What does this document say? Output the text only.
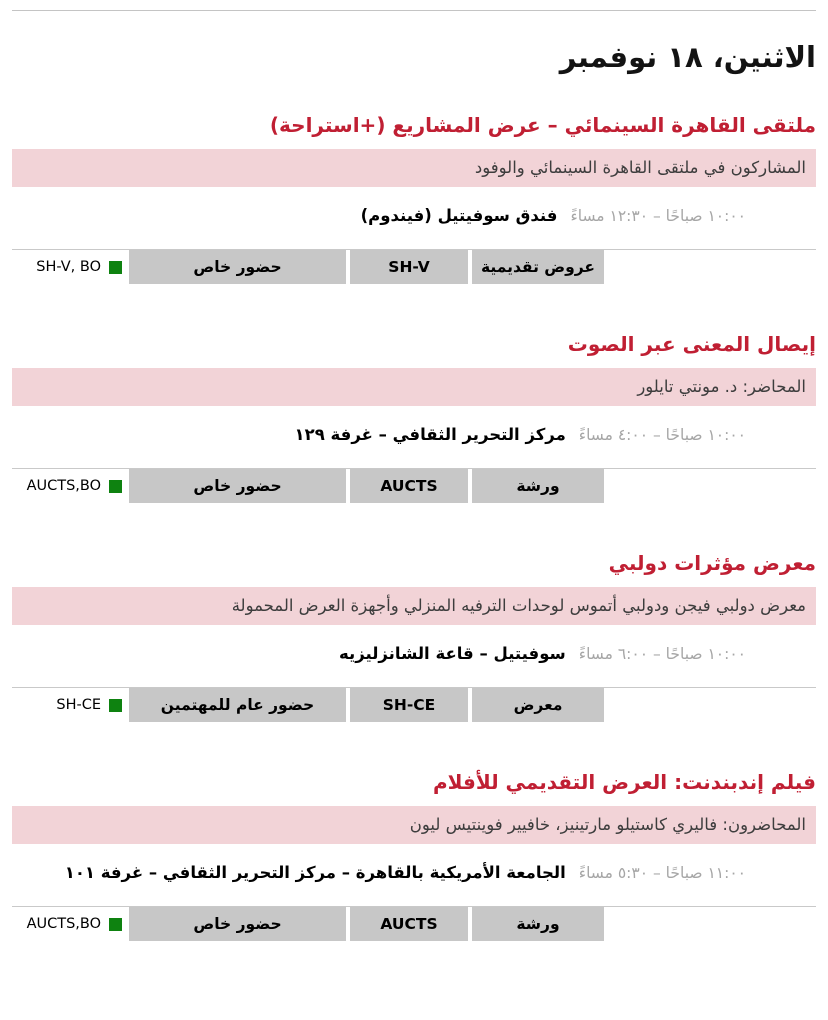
الاثنين، ١٨ نوفمبر
ملتقى القاهرة السينمائي – عرض المشاريع (+استراحة)
المشاركون في ملتقى القاهرة السينمائي والوفود
١٠:٠٠ صباحًا – ١٢:٣٠ مساءً
فندق سوفيتيل (فيندوم)
عروض تقديمية
SH-V
حضور خاص
SH-V, BO
إيصال المعنى عبر الصوت
المحاضر: د. مونتي تايلور
١٠:٠٠ صباحًا – ٤:٠٠ مساءً
مركز التحرير الثقافي – غرفة ١٢٩
ورشة
AUCTS
حضور خاص
AUCTS,BO
معرض مؤثرات دولبي
معرض دولبي فيجن ودولبي أتموس لوحدات الترفيه المنزلي وأجهزة العرض المحمولة
١٠:٠٠ صباحًا – ٦:٠٠ مساءً
سوفيتيل – قاعة الشانزليزيه
معرض
SH-CE
حضور عام للمهتمين
SH-CE
فيلم إندبندنت: العرض التقديمي للأفلام
المحاضرون: فاليري كاستيلو مارتينيز، خافيير فوينتيس ليون
١١:٠٠ صباحًا – ٥:٣٠ مساءً
الجامعة الأمريكية بالقاهرة – مركز التحرير الثقافي – غرفة ١٠١
ورشة
AUCTS
حضور خاص
AUCTS,BO
